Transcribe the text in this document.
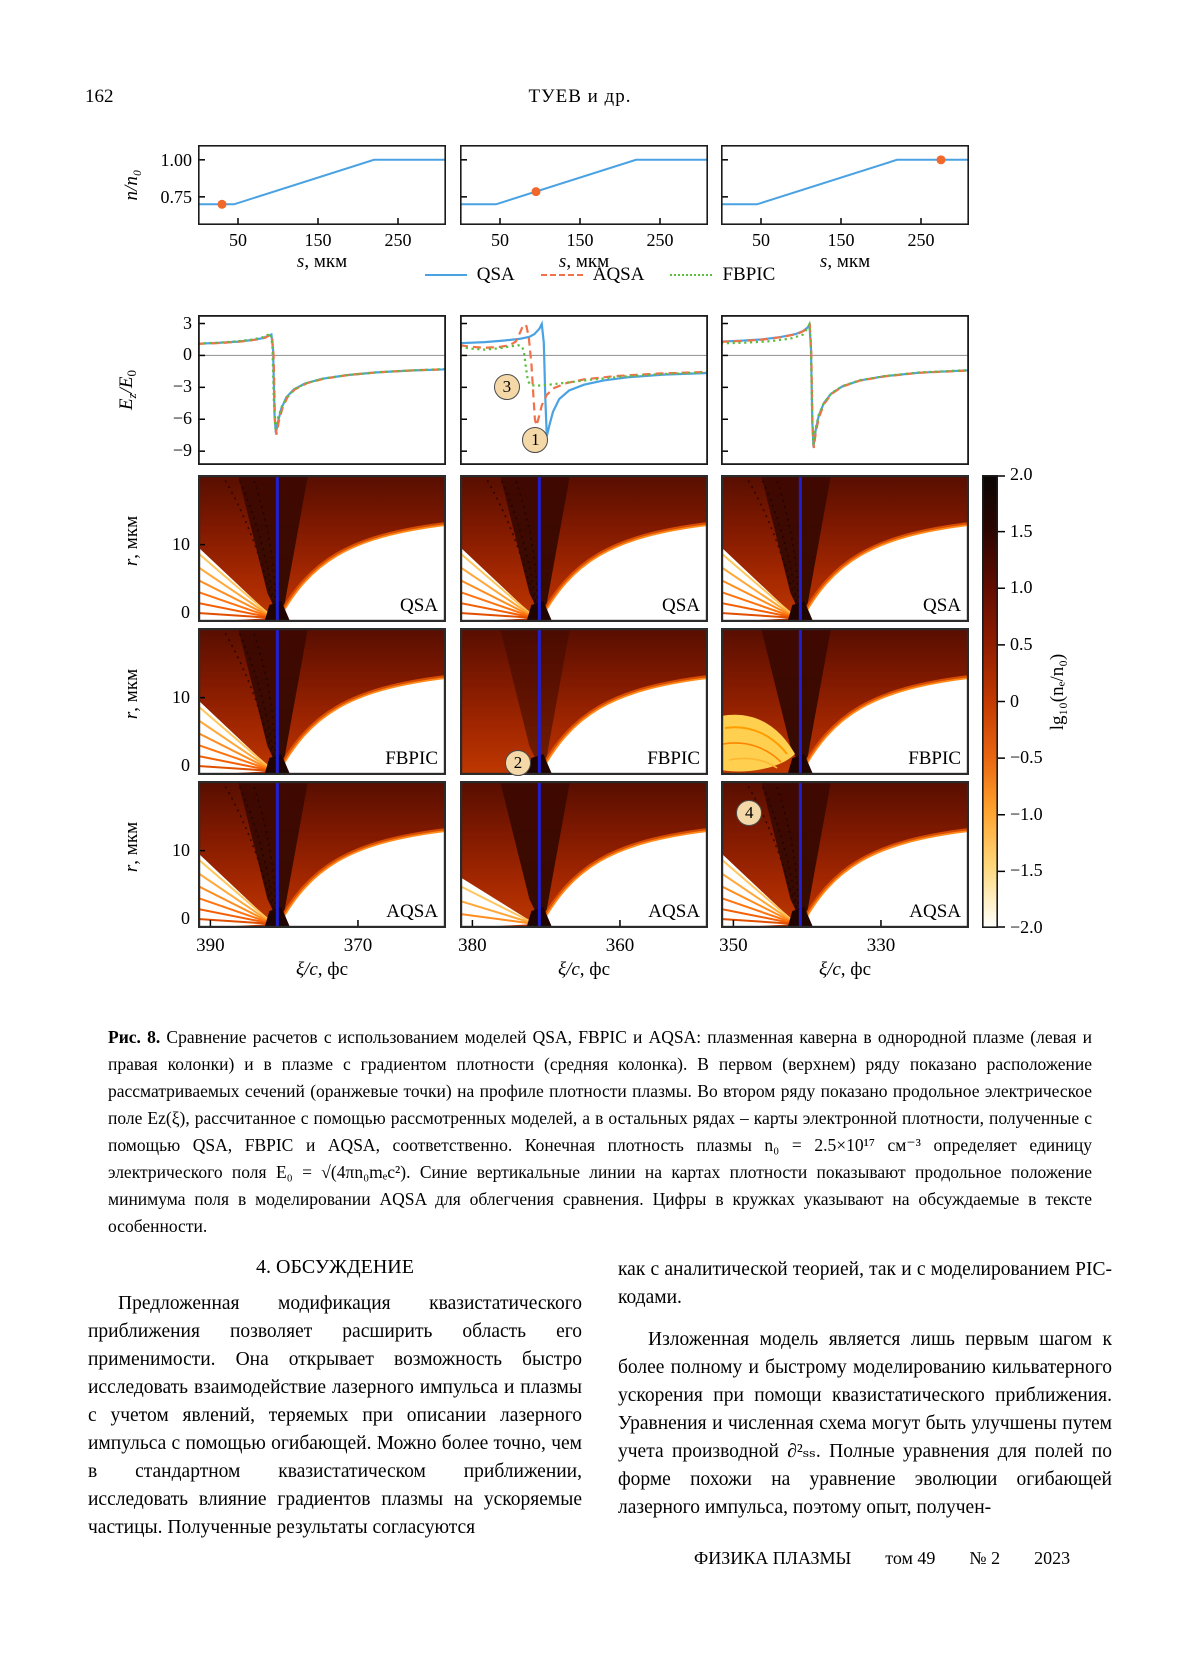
162	ТУЕВ и др.
50	150	250
s, мкм
50	150	250
s, мкм
50	150	250
s, мкм
1.00
0.75
n/n₀
3
1
3
0
−3
−6
−9
$E_z/E_0$
QSA	QSA	QSA
10
0
r, мкм
FBPIC	FBPIC	FBPIC
10
0
r, мкм
AQSA	AQSA	AQSA
10
0
r, мкм
390	370
ξ/c, фс
380	360
ξ/c, фс
350	330
ξ/c, фс
2
4
2.0
1.5
1.0
0.5
0
−0.5
−1.0
−1.5
−2.0
lg₁₀(nₑ/n₀)
QSA	AQSA	FBPIC

Рис. 8. Сравнение расчетов с использованием моделей QSA, FBPIC и AQSA: плазменная каверна в однородной плазме (левая и правая колонки) и в плазме с градиентом плотности (средняя колонка). В первом (верхнем) ряду показано расположение рассматриваемых сечений (оранжевые точки) на профиле плотности плазмы. Во втором ряду показано продольное электрическое поле Ez(ξ), рассчитанное с помощью рассмотренных моделей, а в остальных рядах – карты электронной плотности, полученные с помощью QSA, FBPIC и AQSA, соответственно. Конечная плотность плазмы n₀ = 2.5×10¹⁷ см⁻³ определяет единицу электрического поля E₀ = √(4πn₀mₑc²). Синие вертикальные линии на картах плотности показывают продольное положение минимума поля в моделировании AQSA для облегчения сравнения. Цифры в кружках указывают на обсуждаемые в тексте особенности.

4. ОБСУЖДЕНИЕ

Предложенная модификация квазистатического приближения позволяет расширить область его применимости. Она открывает возможность быстро исследовать взаимодействие лазерного импульса и плазмы с учетом явлений, теряемых при описании лазерного импульса с помощью огибающей. Можно более точно, чем в стандартном квазистатическом приближении, исследовать влияние градиентов плазмы на ускоряемые частицы. Полученные результаты согласуются

как с аналитической теорией, так и с моделированием PIC-кодами.

Изложенная модель является лишь первым шагом к более полному и быстрому моделированию кильватерного ускорения при помощи квазистатического приближения. Уравнения и численная схема могут быть улучшены путем учета производной ∂²ₛₛ. Полные уравнения для полей по форме похожи на уравнение эволюции огибающей лазерного импульса, поэтому опыт, получен-

ФИЗИКА ПЛАЗМЫ том 49 № 2 2023
